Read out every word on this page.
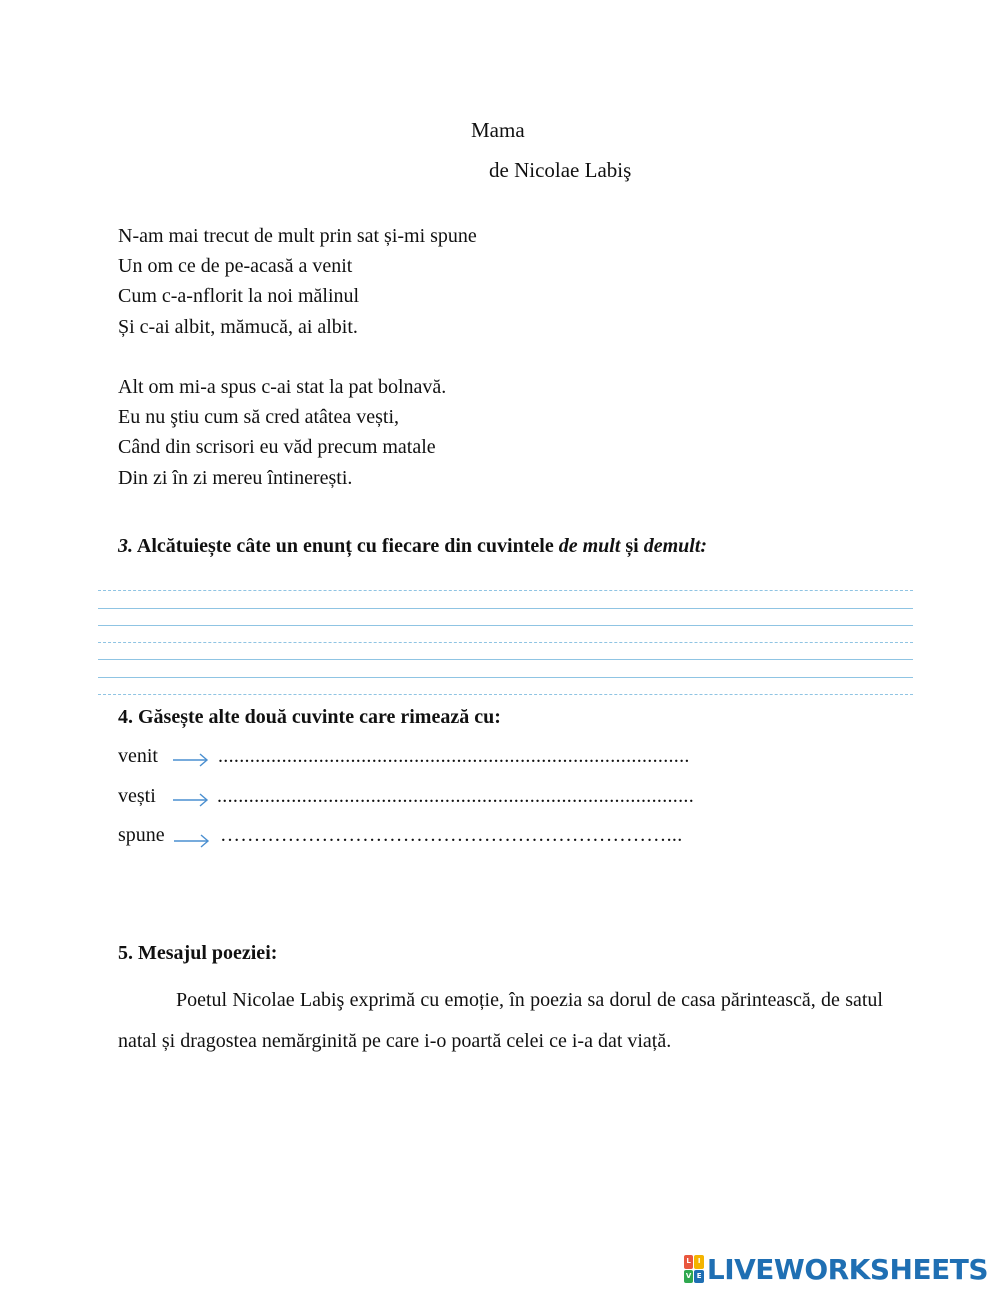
Mama
de Nicolae Labiş
N-am mai trecut de mult prin sat și-mi spune
Un om ce de pe-acasă a venit
Cum c-a-nflorit la noi mălinul
Și c-ai albit, mămucă, ai albit.
Alt om mi-a spus c-ai stat la pat bolnavă.
Eu nu ştiu cum să cred atâtea vești,
Când din scrisori eu văd precum matale
Din zi în zi mereu întinerești.
3. Alcătuiește câte un enunț cu fiecare din cuvintele de mult și demult:
4. Găsește alte două cuvinte care rimează cu:
venit	.........................................................................................
vești	..........................................................................................
spune	…………………………………………………………...
5. Mesajul poeziei:

Poetul Nicolae Labiş exprimă cu emoție, în poezia sa dorul de casa părintească, de satul natal și dragostea nemărginită pe care i-o poartă celei ce i-a dat viață.

L I
V E LIVEWORKSHEETS
